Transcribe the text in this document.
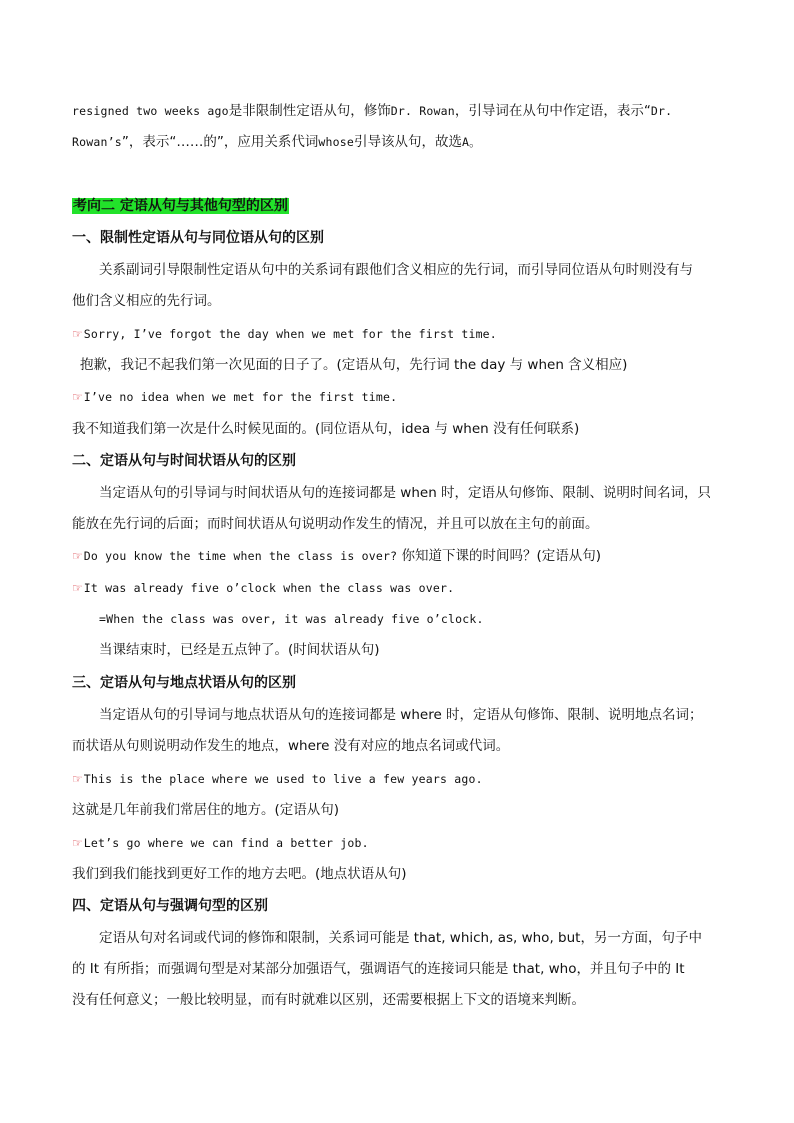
resigned two weeks ago是非限制性定语从句，修饰Dr. Rowan，引导词在从句中作定语，表示“Dr.
Rowan’s”，表示“……的”，应用关系代词whose引导该从句，故选A。
考向二 定语从句与其他句型的区别
一、限制性定语从句与同位语从句的区别
关系副词引导限制性定语从句中的关系词有跟他们含义相应的先行词，而引导同位语从句时则没有与
他们含义相应的先行词。
☞Sorry, I’ve forgot the day when we met for the first time.
抱歉，我记不起我们第一次见面的日子了。(定语从句，先行词 the day 与 when 含义相应)
☞I’ve no idea when we met for the first time.
我不知道我们第一次是什么时候见面的。(同位语从句，idea 与 when 没有任何联系)
二、定语从句与时间状语从句的区别
当定语从句的引导词与时间状语从句的连接词都是 when 时，定语从句修饰、限制、说明时间名词，只
能放在先行词的后面；而时间状语从句说明动作发生的情况，并且可以放在主句的前面。
☞Do you know the time when the class is over? 你知道下课的时间吗？(定语从句)
☞It was already five o’clock when the class was over.
=When the class was over, it was already five o’clock.
当课结束时，已经是五点钟了。(时间状语从句)
三、定语从句与地点状语从句的区别
当定语从句的引导词与地点状语从句的连接词都是 where 时，定语从句修饰、限制、说明地点名词；
而状语从句则说明动作发生的地点，where 没有对应的地点名词或代词。
☞This is the place where we used to live a few years ago.
这就是几年前我们常居住的地方。(定语从句)
☞Let’s go where we can find a better job.
我们到我们能找到更好工作的地方去吧。(地点状语从句)
四、定语从句与强调句型的区别
定语从句对名词或代词的修饰和限制，关系词可能是 that, which, as, who, but，另一方面，句子中
的 It 有所指；而强调句型是对某部分加强语气，强调语气的连接词只能是 that, who，并且句子中的 It
没有任何意义；一般比较明显，而有时就难以区别，还需要根据上下文的语境来判断。
